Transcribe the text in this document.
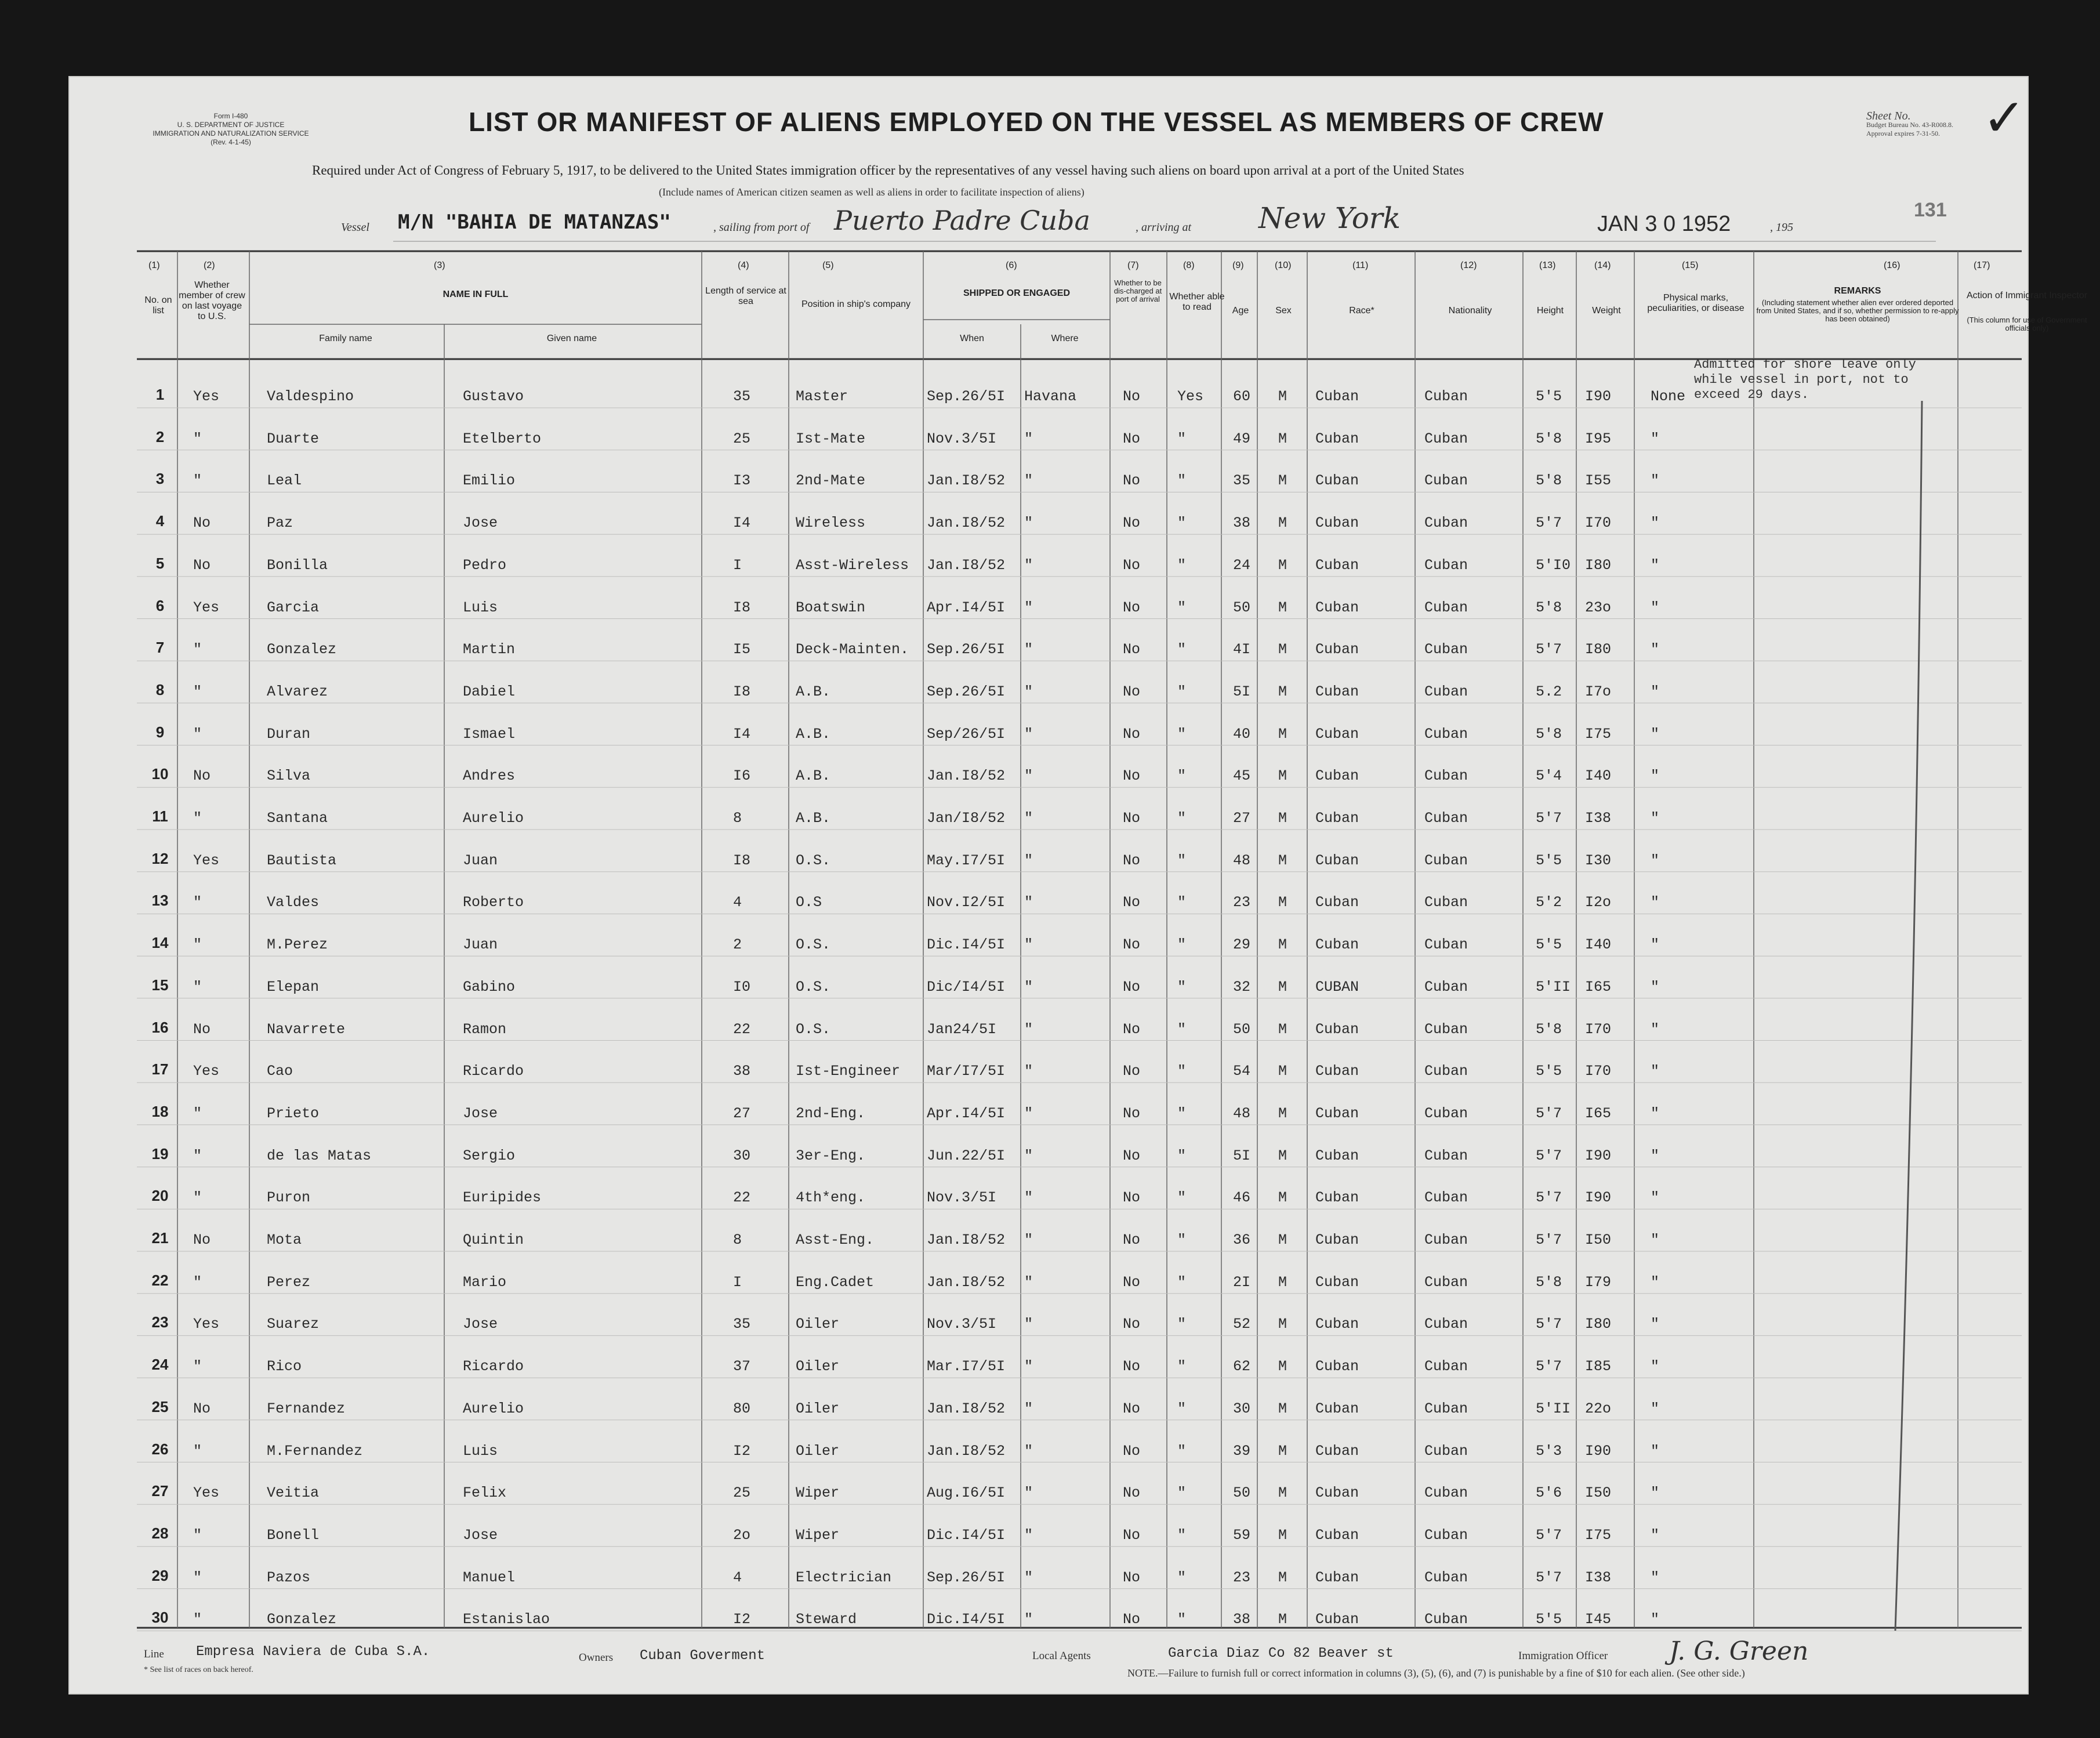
Form I-480
U. S. DEPARTMENT OF JUSTICE
IMMIGRATION AND NATURALIZATION SERVICE
(Rev. 4-1-45)
LIST OR MANIFEST OF ALIENS EMPLOYED ON THE VESSEL AS MEMBERS OF CREW	Sheet No.
Budget Bureau No. 43-R008.8.
Approval expires 7-31-50. ✓
Required under Act of Congress of February 5, 1917, to be delivered to the United States immigration officer by the representatives of any vessel having such aliens on board upon arrival at a port of the United States
(Include names of American citizen seamen as well as aliens in order to facilitate inspection of aliens)
Vessel M/N "BAHIA DE MATANZAS"	, sailing from port of Puerto Padre Cuba	, arriving at New York	JAN 3 0 1952	, 195
131
(1)
No. on list
(2)
Whether member of crew on last voyage to U.S.
(3)
NAME IN FULL
Family name	Given name
(4)
Length of service at sea
(5)
Position in ship's company
(6)
SHIPPED OR ENGAGED
When	Where
(7)
Whether to be dis-charged at port of arrival
(8)
Whether able to read
(9)
Age
(10)
Sex
(11)
Race*
(12)
Nationality
(13)
Height
(14)
Weight
(15)
Physical marks, peculiarities, or disease
(16)
REMARKS
(Including statement whether alien ever ordered deported from United States, and if so, whether permission to re-apply has been obtained)
(17)
Action of Immigrant Inspector
(This column for use of Government officials only)
1	Yes	Valdespino	Gustavo	35	Master	Sep.26/5I Havana	No	Yes 60 M Cuban	Cuban	5'5 I90	None
2	"	Duarte	Etelberto	25	Ist-Mate	Nov.3/5I "	No	"	49 M Cuban	Cuban	5'8 I95	"
3	"	Leal	Emilio	I3	2nd-Mate	Jan.I8/52 "	No	"	35 M Cuban	Cuban	5'8 I55	"
4	No	Paz	Jose	I4	Wireless	Jan.I8/52 "	No	"	38 M Cuban	Cuban	5'7 I70	"
5	No	Bonilla	Pedro	I	Asst-Wireless Jan.I8/52 "	No	"	24 M Cuban	Cuban	5'I0 I80	"
6	Yes	Garcia	Luis	I8	Boatswin	Apr.I4/5I "	No	"	50 M Cuban	Cuban	5'8 23o	"
7	"	Gonzalez	Martin	I5	Deck-Mainten. Sep.26/5I "	No	"	4I M Cuban	Cuban	5'7 I80	"
8	"	Alvarez	Dabiel	I8	A.B.	Sep.26/5I "	No	"	5I M Cuban	Cuban	5.2 I7o	"
9	"	Duran	Ismael	I4	A.B.	Sep/26/5I "	No	"	40 M Cuban	Cuban	5'8 I75	"
10 No	Silva	Andres	I6	A.B.	Jan.I8/52 "	No	"	45 M Cuban	Cuban	5'4 I40	"
11 "	Santana	Aurelio	8	A.B.	Jan/I8/52 "	No	"	27 M Cuban	Cuban	5'7 I38	"
12 Yes	Bautista	Juan	I8	O.S.	May.I7/5I "	No	"	48 M Cuban	Cuban	5'5 I30	"
13 "	Valdes	Roberto	4	O.S	Nov.I2/5I "	No	"	23 M Cuban	Cuban	5'2 I2o	"
14 "	M.Perez	Juan	2	O.S.	Dic.I4/5I "	No	"	29 M Cuban	Cuban	5'5 I40	"
15 "	Elepan	Gabino	I0	O.S.	Dic/I4/5I "	No	"	32 M CUBAN	Cuban	5'II I65	"
16 No	Navarrete	Ramon	22	O.S.	Jan24/5I "	No	"	50 M Cuban	Cuban	5'8 I70	"
17 Yes	Cao	Ricardo	38	Ist-Engineer Mar/I7/5I "	No	"	54 M Cuban	Cuban	5'5 I70	"
18 "	Prieto	Jose	27	2nd-Eng.	Apr.I4/5I "	No	"	48 M Cuban	Cuban	5'7 I65	"
19 "	de las Matas	Sergio	30	3er-Eng.	Jun.22/5I "	No	"	5I M Cuban	Cuban	5'7 I90	"
20 "	Puron	Euripides	22	4th*eng.	Nov.3/5I "	No	"	46 M Cuban	Cuban	5'7 I90	"
21 No	Mota	Quintin	8	Asst-Eng.	Jan.I8/52 "	No	"	36 M Cuban	Cuban	5'7 I50	"
22 "	Perez	Mario	I	Eng.Cadet	Jan.I8/52 "	No	"	2I M Cuban	Cuban	5'8 I79	"
23 Yes	Suarez	Jose	35	Oiler	Nov.3/5I "	No	"	52 M Cuban	Cuban	5'7 I80	"
24 "	Rico	Ricardo	37	Oiler	Mar.I7/5I "	No	"	62 M Cuban	Cuban	5'7 I85	"
25 No	Fernandez	Aurelio	80	Oiler	Jan.I8/52 "	No	"	30 M Cuban	Cuban	5'II 22o	"
26 "	M.Fernandez	Luis	I2	Oiler	Jan.I8/52 "	No	"	39 M Cuban	Cuban	5'3 I90	"
27 Yes	Veitia	Felix	25	Wiper	Aug.I6/5I "	No	"	50 M Cuban	Cuban	5'6 I50	"
28 "	Bonell	Jose	2o	Wiper	Dic.I4/5I "	No	"	59 M Cuban	Cuban	5'7 I75	"
29 "	Pazos	Manuel	4	Electrician Sep.26/5I "	No	"	23 M Cuban	Cuban	5'7 I38	"
30 "	Gonzalez	Estanislao	I2	Steward	Dic.I4/5I "	No	"	38 M Cuban	Cuban	5'5 I45	"
Admitted for shore leave only
while vessel in port, not to
exceed 29 days.
Line Empresa Naviera de Cuba S.A.
* See list of races on back hereof.
Owners Cuban Goverment	Local Agents	Garcia Diaz Co 82 Beaver st	Immigration Officer J. G. Green
NOTE.—Failure to furnish full or correct information in columns (3), (5), (6), and (7) is punishable by a fine of $10 for each alien. (See other side.)
